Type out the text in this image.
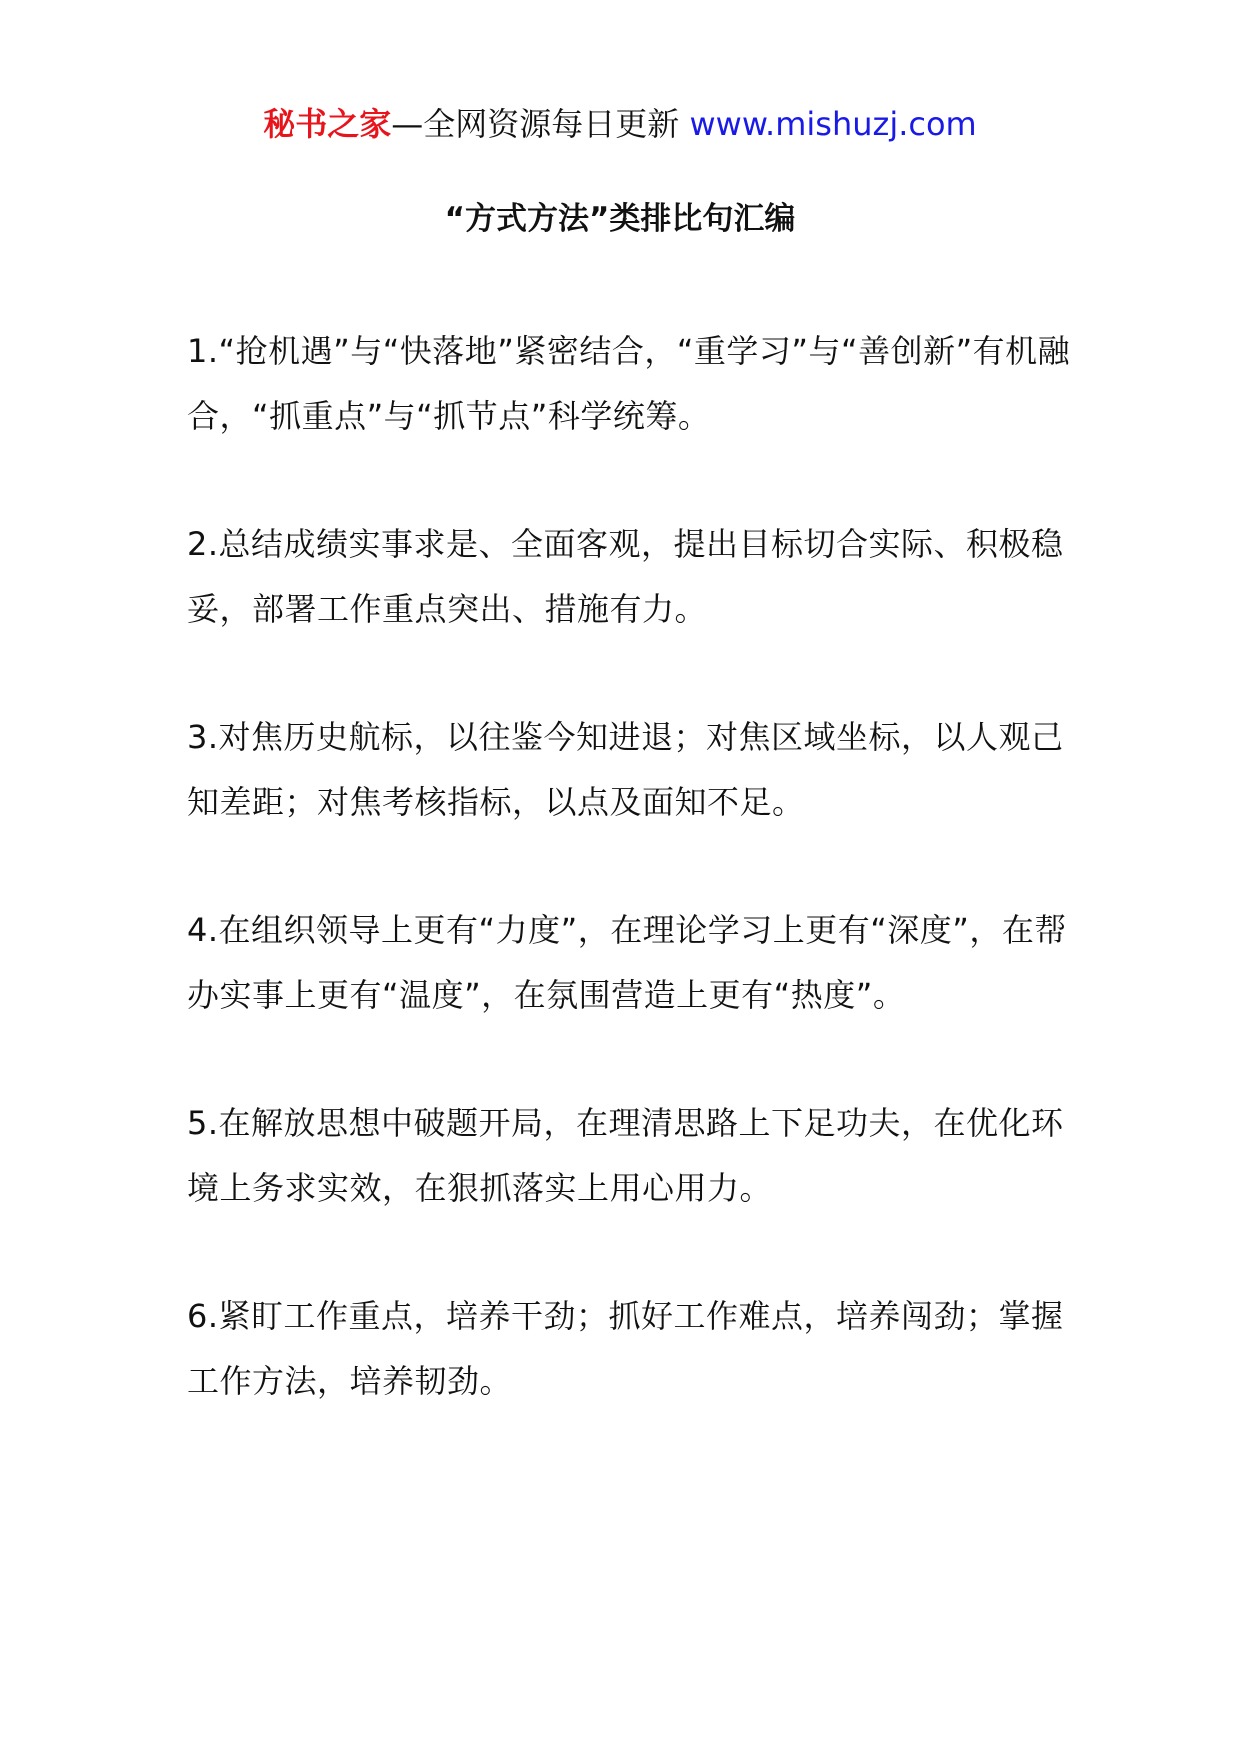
秘书之家—全网资源每日更新 www.mishuzj.com
“方式方法”类排比句汇编
1.“抢机遇”与“快落地”紧密结合，“重学习”与“善创新”有机融合，“抓重点”与“抓节点”科学统筹。
2.总结成绩实事求是、全面客观，提出目标切合实际、积极稳妥，部署工作重点突出、措施有力。
3.对焦历史航标，以往鉴今知进退；对焦区域坐标，以人观己知差距；对焦考核指标，以点及面知不足。
4.在组织领导上更有“力度”，在理论学习上更有“深度”，在帮办实事上更有“温度”，在氛围营造上更有“热度”。
5.在解放思想中破题开局，在理清思路上下足功夫，在优化环境上务求实效，在狠抓落实上用心用力。
6.紧盯工作重点，培养干劲；抓好工作难点，培养闯劲；掌握工作方法，培养韧劲。
